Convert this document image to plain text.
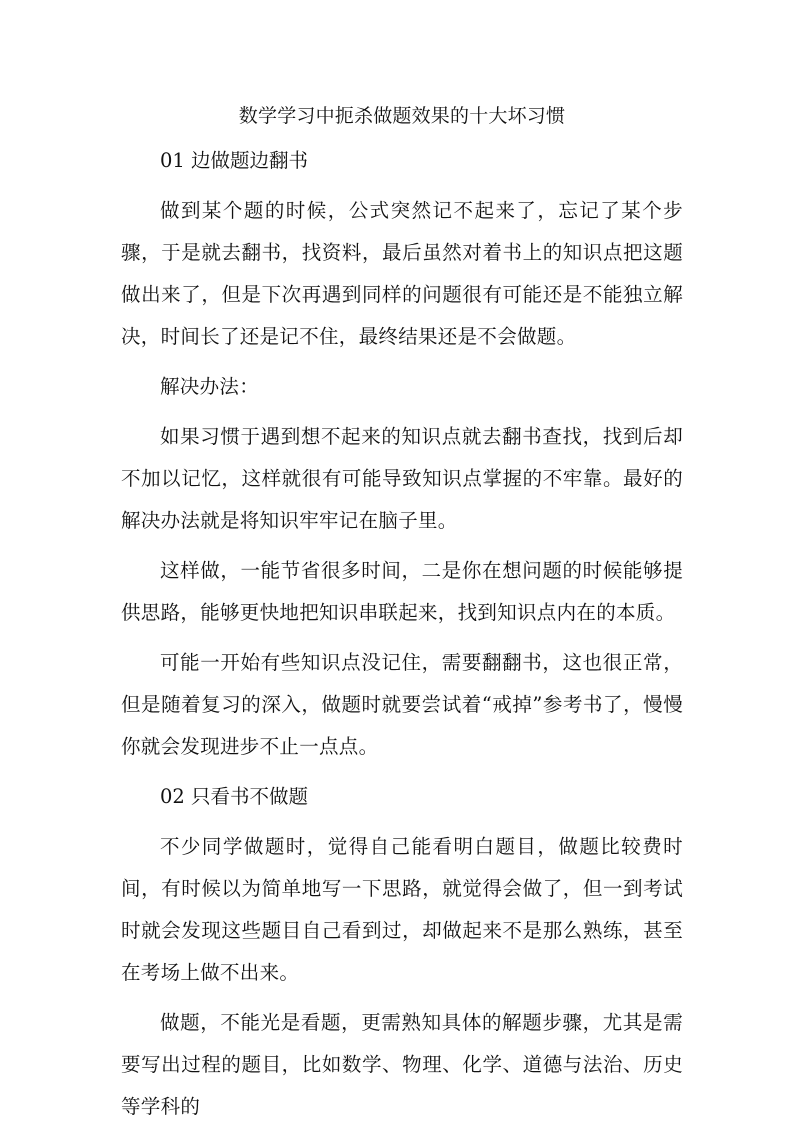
数学学习中扼杀做题效果的十大坏习惯

01 边做题边翻书

做到某个题的时候，公式突然记不起来了，忘记了某个步骤，于是就去翻书，找资料，最后虽然对着书上的知识点把这题做出来了，但是下次再遇到同样的问题很有可能还是不能独立解决，时间长了还是记不住，最终结果还是不会做题。

解决办法：

如果习惯于遇到想不起来的知识点就去翻书查找，找到后却不加以记忆，这样就很有可能导致知识点掌握的不牢靠。最好的解决办法就是将知识牢牢记在脑子里。

这样做，一能节省很多时间，二是你在想问题的时候能够提供思路，能够更快地把知识串联起来，找到知识点内在的本质。

可能一开始有些知识点没记住，需要翻翻书，这也很正常，但是随着复习的深入，做题时就要尝试着“戒掉”参考书了，慢慢你就会发现进步不止一点点。

02 只看书不做题

不少同学做题时，觉得自己能看明白题目，做题比较费时间，有时候以为简单地写一下思路，就觉得会做了，但一到考试时就会发现这些题目自己看到过，却做起来不是那么熟练，甚至在考场上做不出来。

做题，不能光是看题，更需熟知具体的解题步骤，尤其是需要写出过程的题目，比如数学、物理、化学、道德与法治、历史等学科的
